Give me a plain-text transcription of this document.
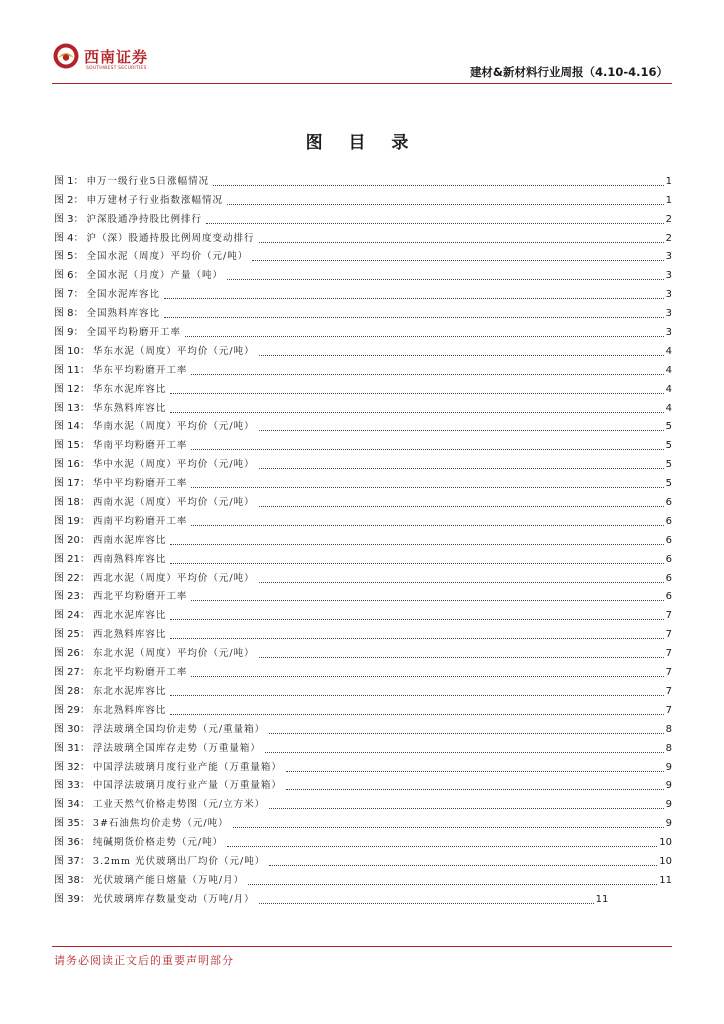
西南证券
SOUTHWEST SECURITIES	建材&新材料行业周报（4.10-4.16）
图 目 录
图 1： 申万一级行业5日涨幅情况	1
图 2： 申万建材子行业指数涨幅情况	1
图 3： 沪深股通净持股比例排行	2
图 4： 沪（深）股通持股比例周度变动排行	2
图 5： 全国水泥（周度）平均价（元/吨）	3
图 6： 全国水泥（月度）产量（吨）	3
图 7： 全国水泥库容比	3
图 8： 全国熟料库容比	3
图 9： 全国平均粉磨开工率	3
图 10： 华东水泥（周度）平均价（元/吨）	4
图 11： 华东平均粉磨开工率	4
图 12： 华东水泥库容比	4
图 13： 华东熟料库容比	4
图 14： 华南水泥（周度）平均价（元/吨）	5
图 15： 华南平均粉磨开工率	5
图 16： 华中水泥（周度）平均价（元/吨）	5
图 17： 华中平均粉磨开工率	5
图 18： 西南水泥（周度）平均价（元/吨）	6
图 19： 西南平均粉磨开工率	6
图 20： 西南水泥库容比	6
图 21： 西南熟料库容比	6
图 22： 西北水泥（周度）平均价（元/吨）	6
图 23： 西北平均粉磨开工率	6
图 24： 西北水泥库容比	7
图 25： 西北熟料库容比	7
图 26： 东北水泥（周度）平均价（元/吨）	7
图 27： 东北平均粉磨开工率	7
图 28： 东北水泥库容比	7
图 29： 东北熟料库容比	7
图 30： 浮法玻璃全国均价走势（元/重量箱）	8
图 31： 浮法玻璃全国库存走势（万重量箱）	8
图 32： 中国浮法玻璃月度行业产能（万重量箱）	9
图 33： 中国浮法玻璃月度行业产量（万重量箱）	9
图 34： 工业天然气价格走势图（元/立方米）	9
图 35： 3#石油焦均价走势（元/吨）	9
图 36： 纯碱期货价格走势（元/吨）	10
图 37： 3.2mm 光伏玻璃出厂均价（元/吨）	10
图 38： 光伏玻璃产能日熔量（万吨/月）	11
图 39： 光伏玻璃库存数量变动（万吨/月）	11
请务必阅读正文后的重要声明部分
